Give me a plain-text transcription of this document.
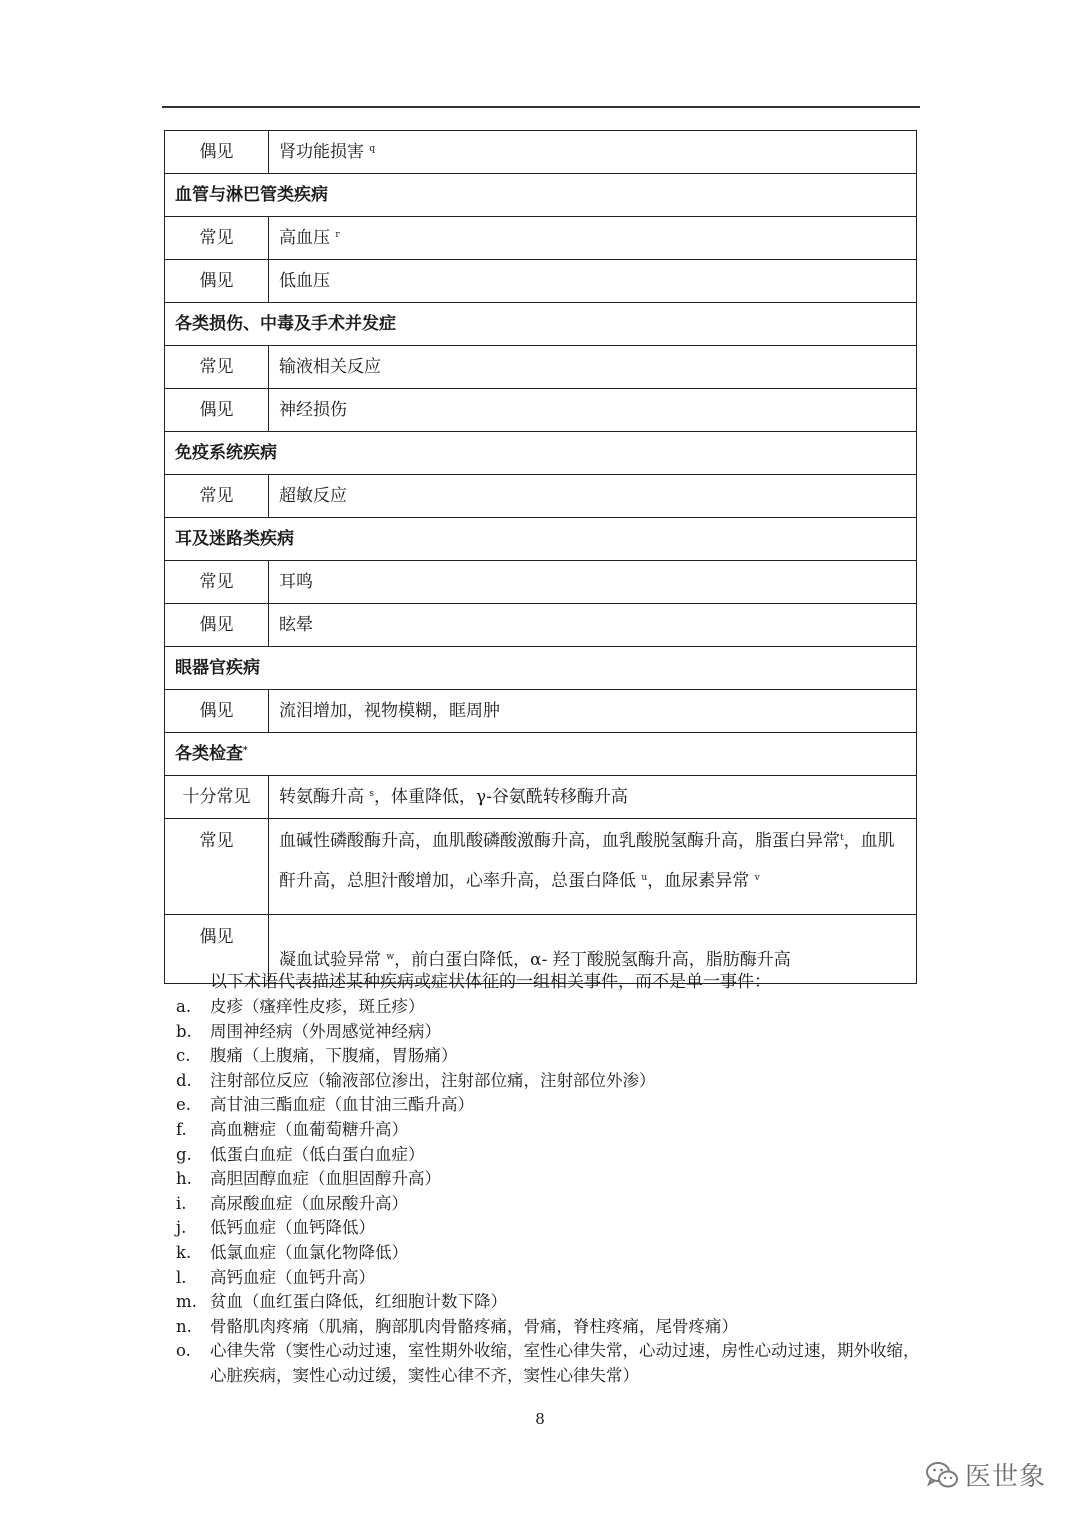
偶见	肾功能损害 $^q$
血管与淋巴管类疾病	
常见	高血压 $^r$
偶见	低血压
各类损伤、中毒及手术并发症	
常见	输液相关反应
偶见	神经损伤
免疫系统疾病	
常见	超敏反应
耳及迷路类疾病	
常见	耳鸣
偶见	眩晕
眼器官疾病	
偶见	流泪增加，视物模糊，眶周肿
各类检查*
十分常见	转氨酶升高 $^s$，体重降低，γ-谷氨酰转移酶升高
常见	血碱性磷酸酶升高，血肌酸磷酸激酶升高，血乳酸脱氢酶升高，脂蛋白异常$^t$，血肌酐升高，总胆汁酸增加，心率升高，总蛋白降低 $^u$，血尿素异常 $^v$
偶见	凝血试验异常 $^w$，前白蛋白降低，α- 羟丁酸脱氢酶升高，脂肪酶升高
以下术语代表描述某种疾病或症状体征的一组相关事件，而不是单一事件：
a.	皮疹（瘙痒性皮疹，斑丘疹）
b.	周围神经病（外周感觉神经病）
c.	腹痛（上腹痛，下腹痛，胃肠痛）
d.	注射部位反应（输液部位渗出，注射部位痛，注射部位外渗）
e.	高甘油三酯血症（血甘油三酯升高）
f.	高血糖症（血葡萄糖升高）
g.	低蛋白血症（低白蛋白血症）
h.	高胆固醇血症（血胆固醇升高）
i.	高尿酸血症（血尿酸升高）
j.	低钙血症（血钙降低）
k.	低氯血症（血氯化物降低）
l.	高钙血症（血钙升高）
m. 贫血（血红蛋白降低，红细胞计数下降）
n.	骨骼肌肉疼痛（肌痛，胸部肌肉骨骼疼痛，骨痛，脊柱疼痛，尾骨疼痛）
o.	心律失常（窦性心动过速，室性期外收缩，室性心律失常，心动过速，房性心动过速，期外收缩，心脏疾病，窦性心动过缓，窦性心律不齐，窦性心律失常）
8
医世象
